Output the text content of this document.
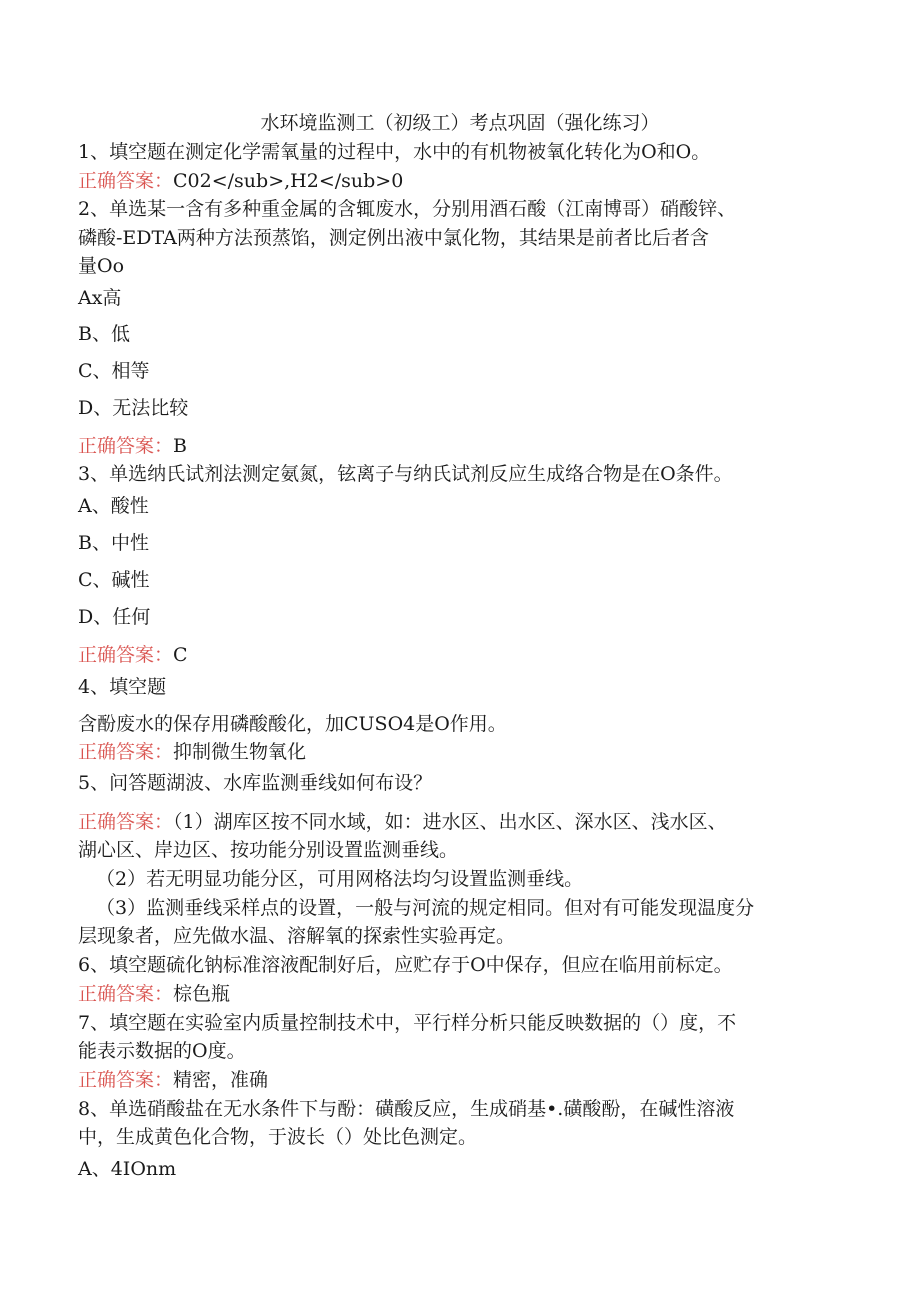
水环境监测工（初级工）考点巩固（强化练习）
1、填空题在测定化学需氧量的过程中，水中的有机物被氧化转化为O和O。
正确答案：C02</sub>,H2</sub>0
2、单选某一含有多种重金属的含辄废水，分别用酒石酸（江南博哥）硝酸锌、
磷酸-EDTA两种方法预蒸馅，测定例出液中氯化物，其结果是前者比后者含
量Oo
Ax高
B、低
C、相等
D、无法比较
正确答案：B
3、单选纳氏试剂法测定氨氮，铉离子与纳氏试剂反应生成络合物是在O条件。
A、酸性
B、中性
C、碱性
D、任何
正确答案：C
4、填空题
含酚废水的保存用磷酸酸化，加CUSO4是O作用。
正确答案：抑制微生物氧化
5、问答题湖波、水库监测垂线如何布设？
正确答案：（1）湖库区按不同水域，如：进水区、出水区、深水区、浅水区、
湖心区、岸边区、按功能分别设置监测垂线。
（2）若无明显功能分区，可用网格法均匀设置监测垂线。
（3）监测垂线采样点的设置，一般与河流的规定相同。但对有可能发现温度分
层现象者，应先做水温、溶解氧的探索性实验再定。
6、填空题硫化钠标准溶液配制好后，应贮存于O中保存，但应在临用前标定。
正确答案：棕色瓶
7、填空题在实验室内质量控制技术中，平行样分析只能反映数据的（）度，不
能表示数据的O度。
正确答案：精密，准确
8、单选硝酸盐在无水条件下与酚：磺酸反应，生成硝基•.磺酸酚，在碱性溶液
中，生成黄色化合物，于波长（）处比色测定。
A、4IOnm
